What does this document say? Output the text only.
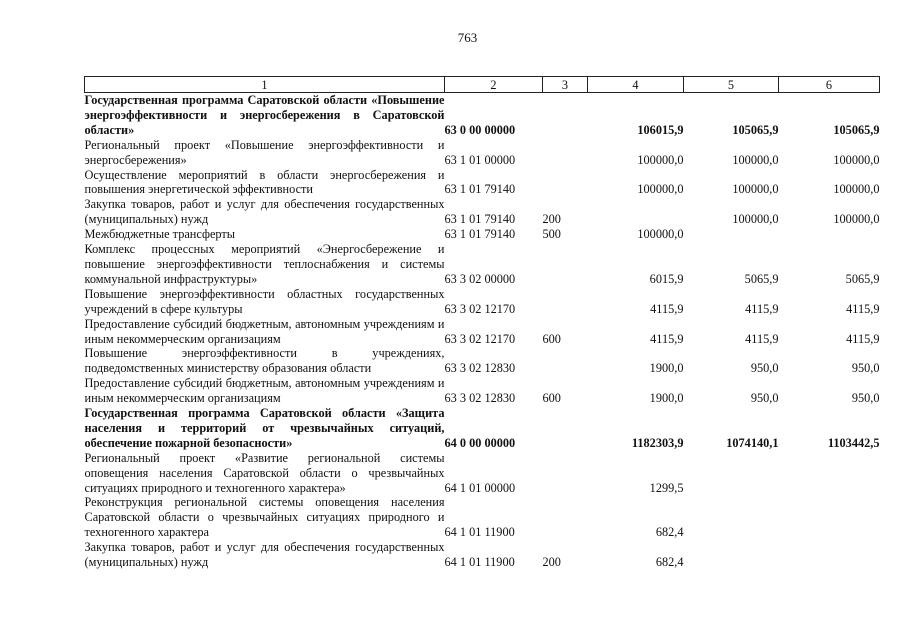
763
1	2	3	4	5	6
Государственная программа Саратовской области «Повышение энергоэффективности и энергосбережения в Саратовской области»	63 0 00 00000		106015,9	105065,9	105065,9
Региональный проект «Повышение энергоэффективности и энергосбережения»	63 1 01 00000		100000,0	100000,0	100000,0
Осуществление мероприятий в области энергосбережения и повышения энергетической эффективности	63 1 01 79140		100000,0	100000,0	100000,0
Закупка товаров, работ и услуг для обеспечения государственных (муниципальных) нужд	63 1 01 79140	200		100000,0	100000,0
Межбюджетные трансферты	63 1 01 79140	500	100000,0		
Комплекс процессных мероприятий «Энергосбережение и повышение энергоэффективности теплоснабжения и системы коммунальной инфраструктуры»	63 3 02 00000		6015,9	5065,9	5065,9
Повышение энергоэффективности областных государственных учреждений в сфере культуры	63 3 02 12170		4115,9	4115,9	4115,9
Предоставление субсидий бюджетным, автономным учреждениям и иным некоммерческим организациям	63 3 02 12170	600	4115,9	4115,9	4115,9
Повышение энергоэффективности в учреждениях, подведомственных министерству образования области	63 3 02 12830		1900,0	950,0	950,0
Предоставление субсидий бюджетным, автономным учреждениям и иным некоммерческим организациям	63 3 02 12830	600	1900,0	950,0	950,0
Государственная программа Саратовской области «Защита населения и территорий от чрезвычайных ситуаций, обеспечение пожарной безопасности»	64 0 00 00000		1182303,9	1074140,1	1103442,5
Региональный проект «Развитие региональной системы оповещения населения Саратовской области о чрезвычайных ситуациях природного и техногенного характера»	64 1 01 00000		1299,5		
Реконструкция региональной системы оповещения населения Саратовской области о чрезвычайных ситуациях природного и техногенного характера	64 1 01 11900		682,4		
Закупка товаров, работ и услуг для обеспечения государственных (муниципальных) нужд	64 1 01 11900	200	682,4		
